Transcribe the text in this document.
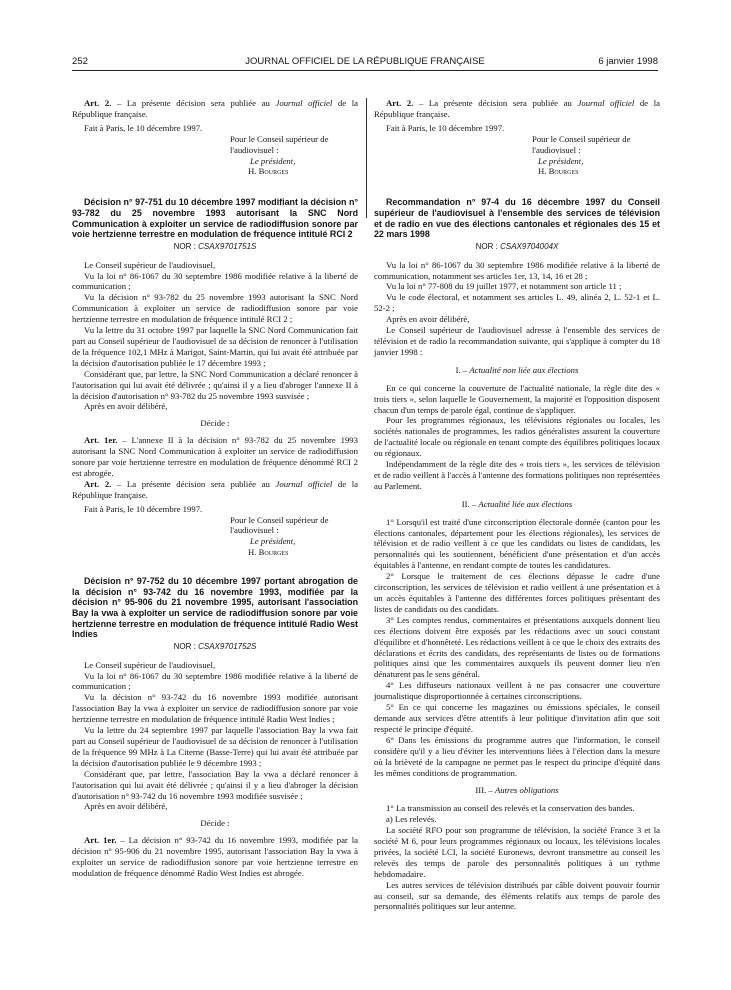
252	JOURNAL OFFICIEL DE LA RÉPUBLIQUE FRANÇAISE	6 janvier 1998

Art. 2. – La présente décision sera publiée au Journal officiel de la République française.

Fait à Paris, le 10 décembre 1997.

Pour le Conseil supérieur de l'audiovisuel :

Le président,

H. Bourges

Décision n° 97-751 du 10 décembre 1997 modifiant la décision n° 93-782 du 25 novembre 1993 autorisant la SNC Nord Communication à exploiter un service de radiodiffusion sonore par voie hertzienne terrestre en modulation de fréquence intitulé RCI 2

NOR : CSAX9701751S

Le Conseil supérieur de l'audiovisuel,

Vu la loi n° 86-1067 du 30 septembre 1986 modifiée relative à la liberté de communication ;

Vu la décision n° 93-782 du 25 novembre 1993 autorisant la SNC Nord Communication à exploiter un service de radiodiffusion sonore par voie hertzienne terrestre en modulation de fréquence intitulé RCI 2 ;

Vu la lettre du 31 octobre 1997 par laquelle la SNC Nord Communication fait part au Conseil supérieur de l'audiovisuel de sa décision de renoncer à l'utilisation de la fréquence 102,1 MHz à Marigot, Saint-Martin, qui lui avait été attribuée par la décision d'autorisation publiée le 17 décembre 1993 ;

Considérant que, par lettre, la SNC Nord Communication a déclaré renoncer à l'autorisation qui lui avait été délivrée ; qu'ainsi il y a lieu d'abroger l'annexe II à la décision d'autorisation n° 93-782 du 25 novembre 1993 susvisée ;

Après en avoir délibéré,

Décide :

Art. 1er. – L'annexe II à la décision n° 93-782 du 25 novembre 1993 autorisant la SNC Nord Communication à exploiter un service de radiodiffusion sonore par voie hertzienne terrestre en modulation de fréquence dénommé RCI 2 est abrogée.

Art. 2. – La présente décision sera publiée au Journal officiel de la République française.

Fait à Paris, le 10 décembre 1997.

Pour le Conseil supérieur de l'audiovisuel :

Le président,

H. Bourges

Décision n° 97-752 du 10 décembre 1997 portant abrogation de la décision n° 93-742 du 16 novembre 1993, modifiée par la décision n° 95-906 du 21 novembre 1995, autorisant l'association Bay la vwa à exploiter un service de radiodiffusion sonore par voie hertzienne terrestre en modulation de fréquence intitulé Radio West Indies

NOR : CSAX9701752S

Le Conseil supérieur de l'audiovisuel,

Vu la loi n° 86-1067 du 30 septembre 1986 modifiée relative à la liberté de communication ;

Vu la décision n° 93-742 du 16 novembre 1993 modifiée autorisant l'association Bay la vwa à exploiter un service de radiodiffusion sonore par voie hertzienne terrestre en modulation de fréquence intitulé Radio West Indies ;

Vu la lettre du 24 septembre 1997 par laquelle l'association Bay la vwa fait part au Conseil supérieur de l'audiovisuel de sa décision de renoncer à l'utilisation de la fréquence 99 MHz à La Citerne (Basse-Terre) qui lui avait été attribuée par la décision d'autorisation publiée le 9 décembre 1993 ;

Considérant que, par lettre, l'association Bay la vwa a déclaré renoncer à l'autorisation qui lui avait été délivrée ; qu'ainsi il y a lieu d'abroger la décision d'autorisation n° 93-742 du 16 novembre 1993 modifiée susvisée ;

Après en avoir délibéré,

Décide :

Art. 1er. – La décision n° 93-742 du 16 novembre 1993, modifiée par la décision n° 95-906 du 21 novembre 1995, autorisant l'association Bay la vwa à exploiter un service de radiodiffusion sonore par voie hertzienne terrestre en modulation de fréquence dénommé Radio West Indies est abrogée.

Art. 2. – La présente décision sera publiée au Journal officiel de la République française.

Fait à Paris, le 10 décembre 1997.

Pour le Conseil supérieur de l'audiovisuel :

Le président,

H. Bourges

Recommandation n° 97-4 du 16 décembre 1997 du Conseil supérieur de l'audiovisuel à l'ensemble des services de télévision et de radio en vue des élections cantonales et régionales des 15 et 22 mars 1998

NOR : CSAX9704004X

Vu la loi n° 86-1067 du 30 septembre 1986 modifiée relative à la liberté de communication, notamment ses articles 1er, 13, 14, 16 et 28 ;

Vu la loi n° 77-808 du 19 juillet 1977, et notamment son article 11 ;

Vu le code électoral, et notamment ses articles L. 49, alinéa 2, L. 52-1 et L. 52-2 ;

Après en avoir délibéré,

Le Conseil supérieur de l'audiovisuel adresse à l'ensemble des services de télévision et de radio la recommandation suivante, qui s'applique à compter du 18 janvier 1998 :

I. – Actualité non liée aux élections

En ce qui concerne la couverture de l'actualité nationale, la règle dite des « trois tiers », selon laquelle le Gouvernement, la majorité et l'opposition disposent chacun d'un temps de parole égal, continue de s'appliquer.

Pour les programmes régionaux, les télévisions régionales ou locales, les sociétés nationales de programmes, les radios généralistes assurent la couverture de l'actualité locale ou régionale en tenant compte des équilibres politiques locaux ou régionaux.

Indépendamment de la règle dite des « trois tiers », les services de télévision et de radio veillent à l'accès à l'antenne des formations politiques non représentées au Parlement.

II. – Actualité liée aux élections

1° Lorsqu'il est traité d'une circonscription électorale donnée (canton pour les élections cantonales, département pour les élections régionales), les services de télévision et de radio veillent à ce que les candidats ou listes de candidats, les personnalités qui les soutiennent, bénéficient d'une présentation et d'un accès équitables à l'antenne, en rendant compte de toutes les candidatures.

2° Lorsque le traitement de ces élections dépasse le cadre d'une circonscription, les services de télévision et radio veillent à une présentation et à un accès équitables à l'antenne des différentes forces politiques présentant des listes de candidats ou des candidats.

3° Les comptes rendus, commentaires et présentations auxquels donnent lieu ces élections doivent être exposés par les rédactions avec un souci constant d'équilibre et d'honnêteté. Les rédactions veillent à ce que le choix des extraits des déclarations et écrits des candidats, des représentants de listes ou de formations politiques ainsi que les commentaires auxquels ils peuvent donner lieu n'en dénaturent pas le sens général.

4° Les diffuseurs nationaux veillent à ne pas consacrer une couverture journalistique disproportionnée à certaines circonscriptions.

5° En ce qui concerne les magazines ou émissions spéciales, le conseil demande aux services d'être attentifs à leur politique d'invitation afin que soit respecté le principe d'équité.

6° Dans les émissions du programme autres que l'information, le conseil considère qu'il y a lieu d'éviter les interventions liées à l'élection dans la mesure où la brièveté de la campagne ne permet pas le respect du principe d'équité dans les mêmes conditions de programmation.

III. – Autres obligations

1° La transmission au conseil des relevés et la conservation des bandes.

a) Les relevés.

La société RFO pour son programme de télévision, la société France 3 et la société M 6, pour leurs programmes régionaux ou locaux, les télévisions locales privées, la société LCI, la société Euronews, devront transmettre au conseil les relevés des temps de parole des personnalités politiques à un rythme hebdomadaire.

Les autres services de télévision distribués par câble doivent pouvoir fournir au conseil, sur sa demande, des éléments relatifs aux temps de parole des personnalités politiques sur leur antenne.
